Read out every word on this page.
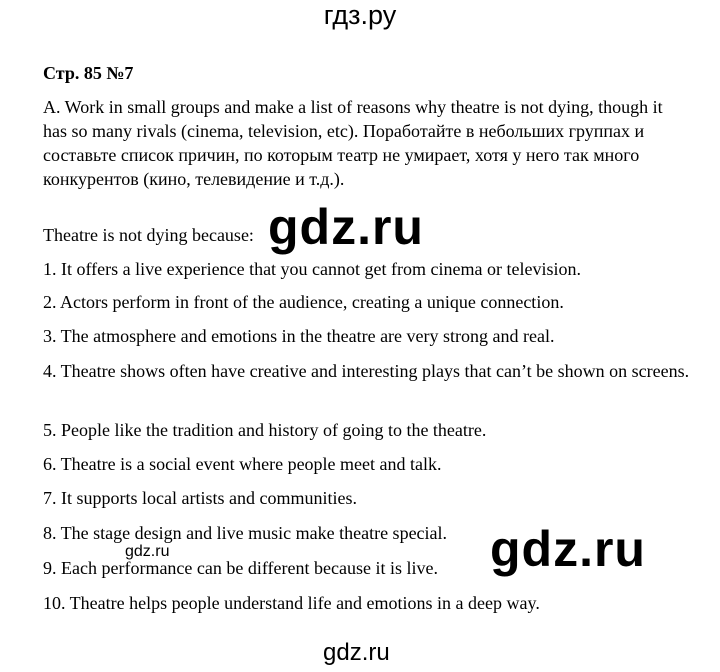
гдз.ру
Стр. 85 №7
A. Work in small groups and make a list of reasons why theatre is not dying, though it has so many rivals (cinema, television, etc). Поработайте в небольших группах и составьте список причин, по которым театр не умирает, хотя у него так много конкурентов (кино, телевидение и т.д.).
Theatre is not dying because:
1. It offers a live experience that you cannot get from cinema or television.
2. Actors perform in front of the audience, creating a unique connection.
3. The atmosphere and emotions in the theatre are very strong and real.
4. Theatre shows often have creative and interesting plays that can’t be shown on screens.
5. People like the tradition and history of going to the theatre.
6. Theatre is a social event where people meet and talk.
7. It supports local artists and communities.
8. The stage design and live music make theatre special.
9. Each performance can be different because it is live.
10. Theatre helps people understand life and emotions in a deep way.
gdz.ru
gdz.ru
gdz.ru
gdz.ru
